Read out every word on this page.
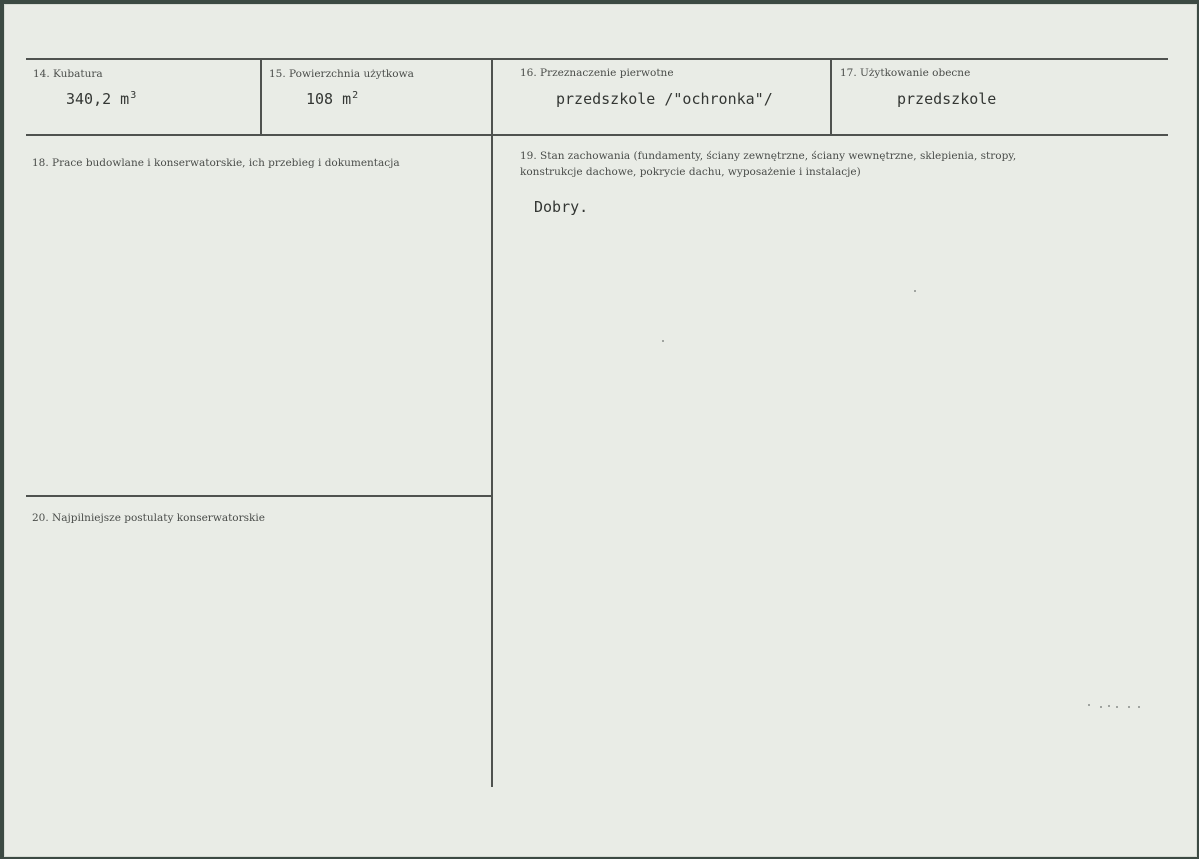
14. Kubatura
340,2 $m^3$
15. Powierzchnia użytkowa
108 $m^2$
16. Przeznaczenie pierwotne
przedszkole /"ochronka"/
17. Użytkowanie obecne
przedszkole
18. Prace budowlane i konserwatorskie, ich przebieg i dokumentacja
19. Stan zachowania (fundamenty, ściany zewnętrzne, ściany wewnętrzne, sklepienia, stropy, konstrukcje dachowe, pokrycie dachu, wyposażenie i instalacje)
Dobry.
20. Najpilniejsze postulaty konserwatorskie
